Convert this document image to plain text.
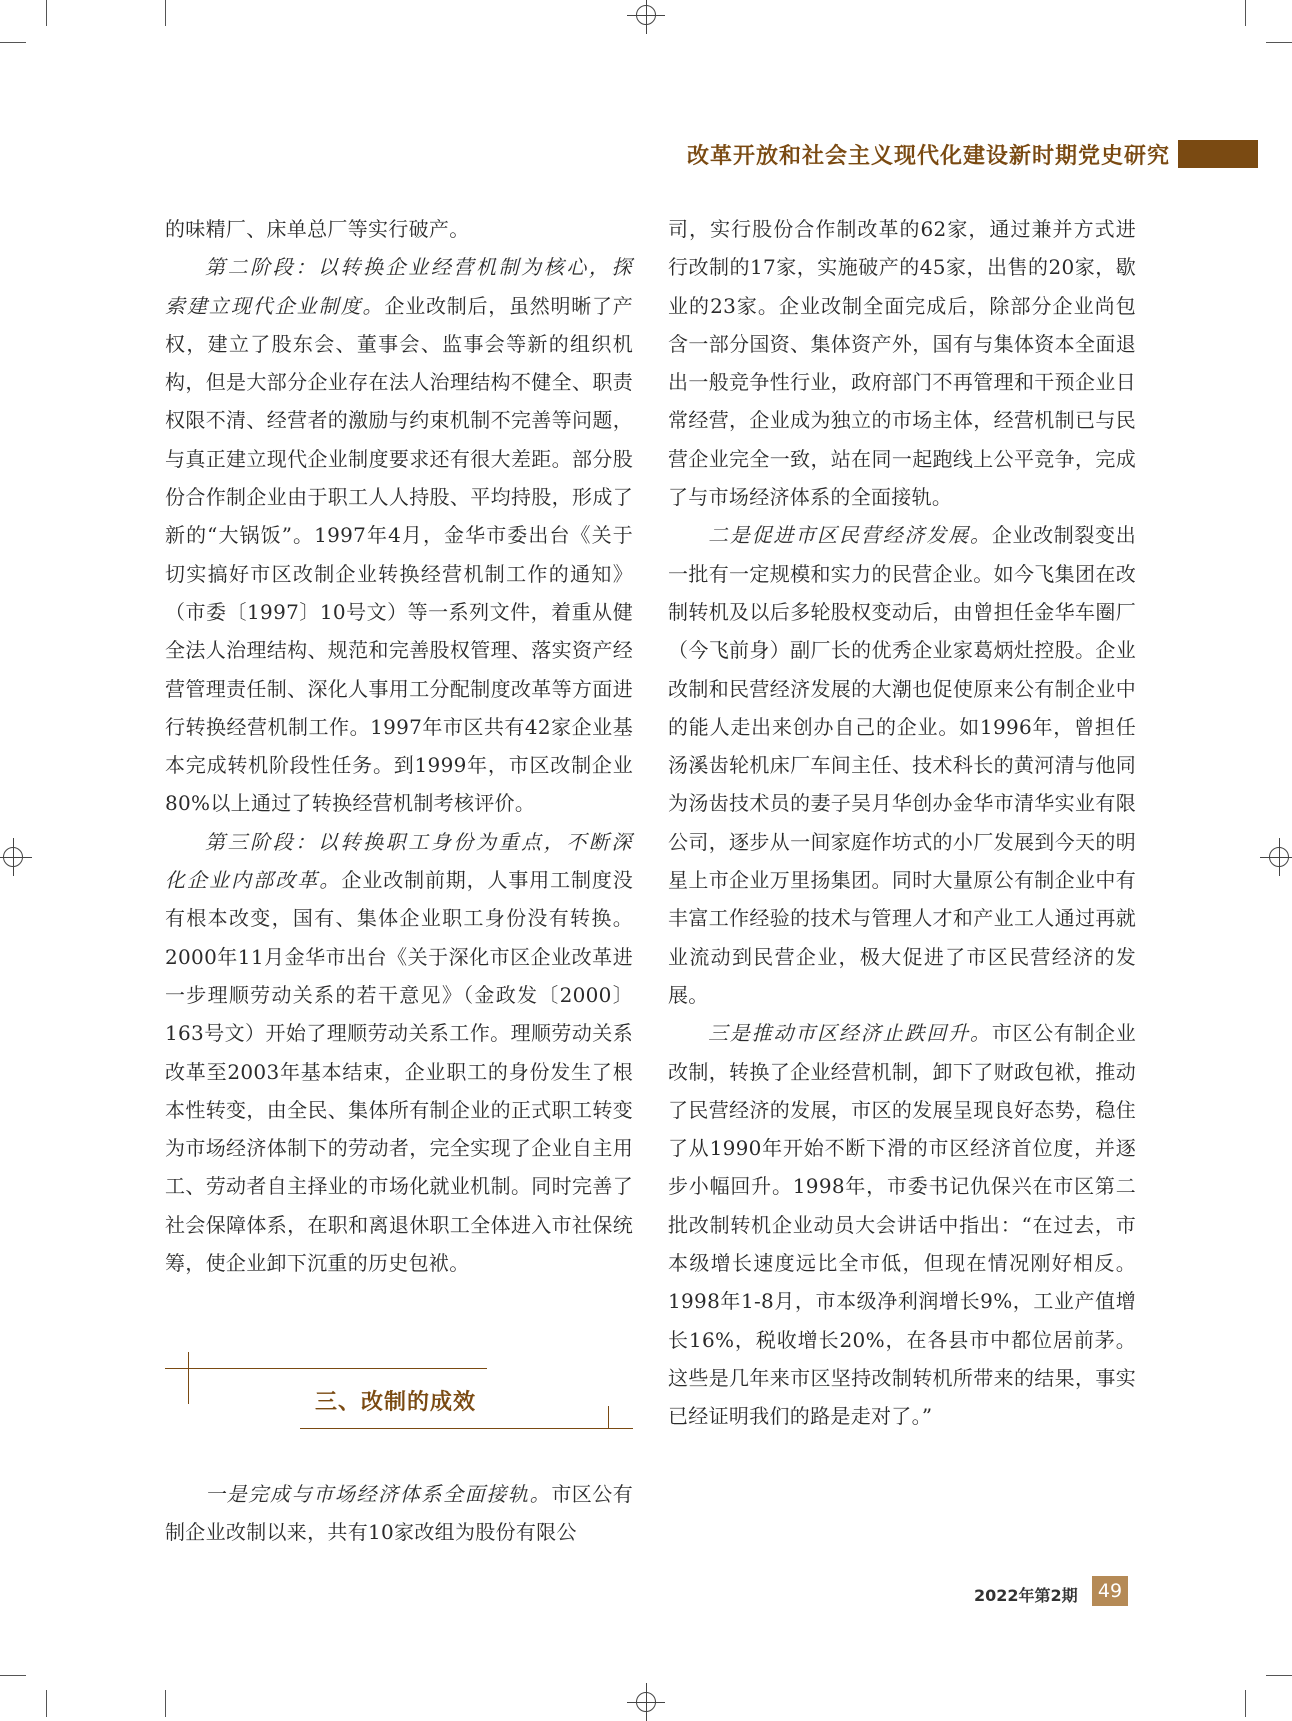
改革开放和社会主义现代化建设新时期党史研究

的味精厂、床单总厂等实行破产。

第二阶段：以转换企业经营机制为核心，探索建立现代企业制度。企业改制后，虽然明晰了产权，建立了股东会、董事会、监事会等新的组织机构，但是大部分企业存在法人治理结构不健全、职责权限不清、经营者的激励与约束机制不完善等问题，与真正建立现代企业制度要求还有很大差距。部分股份合作制企业由于职工人人持股、平均持股，形成了新的“大锅饭”。1997年4月，金华市委出台《关于切实搞好市区改制企业转换经营机制工作的通知》（市委〔1997〕10号文）等一系列文件，着重从健全法人治理结构、规范和完善股权管理、落实资产经营管理责任制、深化人事用工分配制度改革等方面进行转换经营机制工作。1997年市区共有42家企业基本完成转机阶段性任务。到1999年，市区改制企业80%以上通过了转换经营机制考核评价。

第三阶段：以转换职工身份为重点，不断深化企业内部改革。企业改制前期，人事用工制度没有根本改变，国有、集体企业职工身份没有转换。2000年11月金华市出台《关于深化市区企业改革进一步理顺劳动关系的若干意见》（金政发〔2000〕163号文）开始了理顺劳动关系工作。理顺劳动关系改革至2003年基本结束，企业职工的身份发生了根本性转变，由全民、集体所有制企业的正式职工转变为市场经济体制下的劳动者，完全实现了企业自主用工、劳动者自主择业的市场化就业机制。同时完善了社会保障体系，在职和离退休职工全体进入市社保统筹，使企业卸下沉重的历史包袱。

三、改制的成效

一是完成与市场经济体系全面接轨。市区公有制企业改制以来，共有10家改组为股份有限公

司，实行股份合作制改革的62家，通过兼并方式进行改制的17家，实施破产的45家，出售的20家，歇业的23家。企业改制全面完成后，除部分企业尚包含一部分国资、集体资产外，国有与集体资本全面退出一般竞争性行业，政府部门不再管理和干预企业日常经营，企业成为独立的市场主体，经营机制已与民营企业完全一致，站在同一起跑线上公平竞争，完成了与市场经济体系的全面接轨。

二是促进市区民营经济发展。企业改制裂变出一批有一定规模和实力的民营企业。如今飞集团在改制转机及以后多轮股权变动后，由曾担任金华车圈厂（今飞前身）副厂长的优秀企业家葛炳灶控股。企业改制和民营经济发展的大潮也促使原来公有制企业中的能人走出来创办自己的企业。如1996年，曾担任汤溪齿轮机床厂车间主任、技术科长的黄河清与他同为汤齿技术员的妻子吴月华创办金华市清华实业有限公司，逐步从一间家庭作坊式的小厂发展到今天的明星上市企业万里扬集团。同时大量原公有制企业中有丰富工作经验的技术与管理人才和产业工人通过再就业流动到民营企业，极大促进了市区民营经济的发展。

三是推动市区经济止跌回升。市区公有制企业改制，转换了企业经营机制，卸下了财政包袱，推动了民营经济的发展，市区的发展呈现良好态势，稳住了从1990年开始不断下滑的市区经济首位度，并逐步小幅回升。1998年，市委书记仇保兴在市区第二批改制转机企业动员大会讲话中指出：“在过去，市本级增长速度远比全市低，但现在情况刚好相反。1998年1-8月，市本级净利润增长9%，工业产值增长16%，税收增长20%，在各县市中都位居前茅。这些是几年来市区坚持改制转机所带来的结果，事实已经证明我们的路是走对了。”

2022年第2期	49
